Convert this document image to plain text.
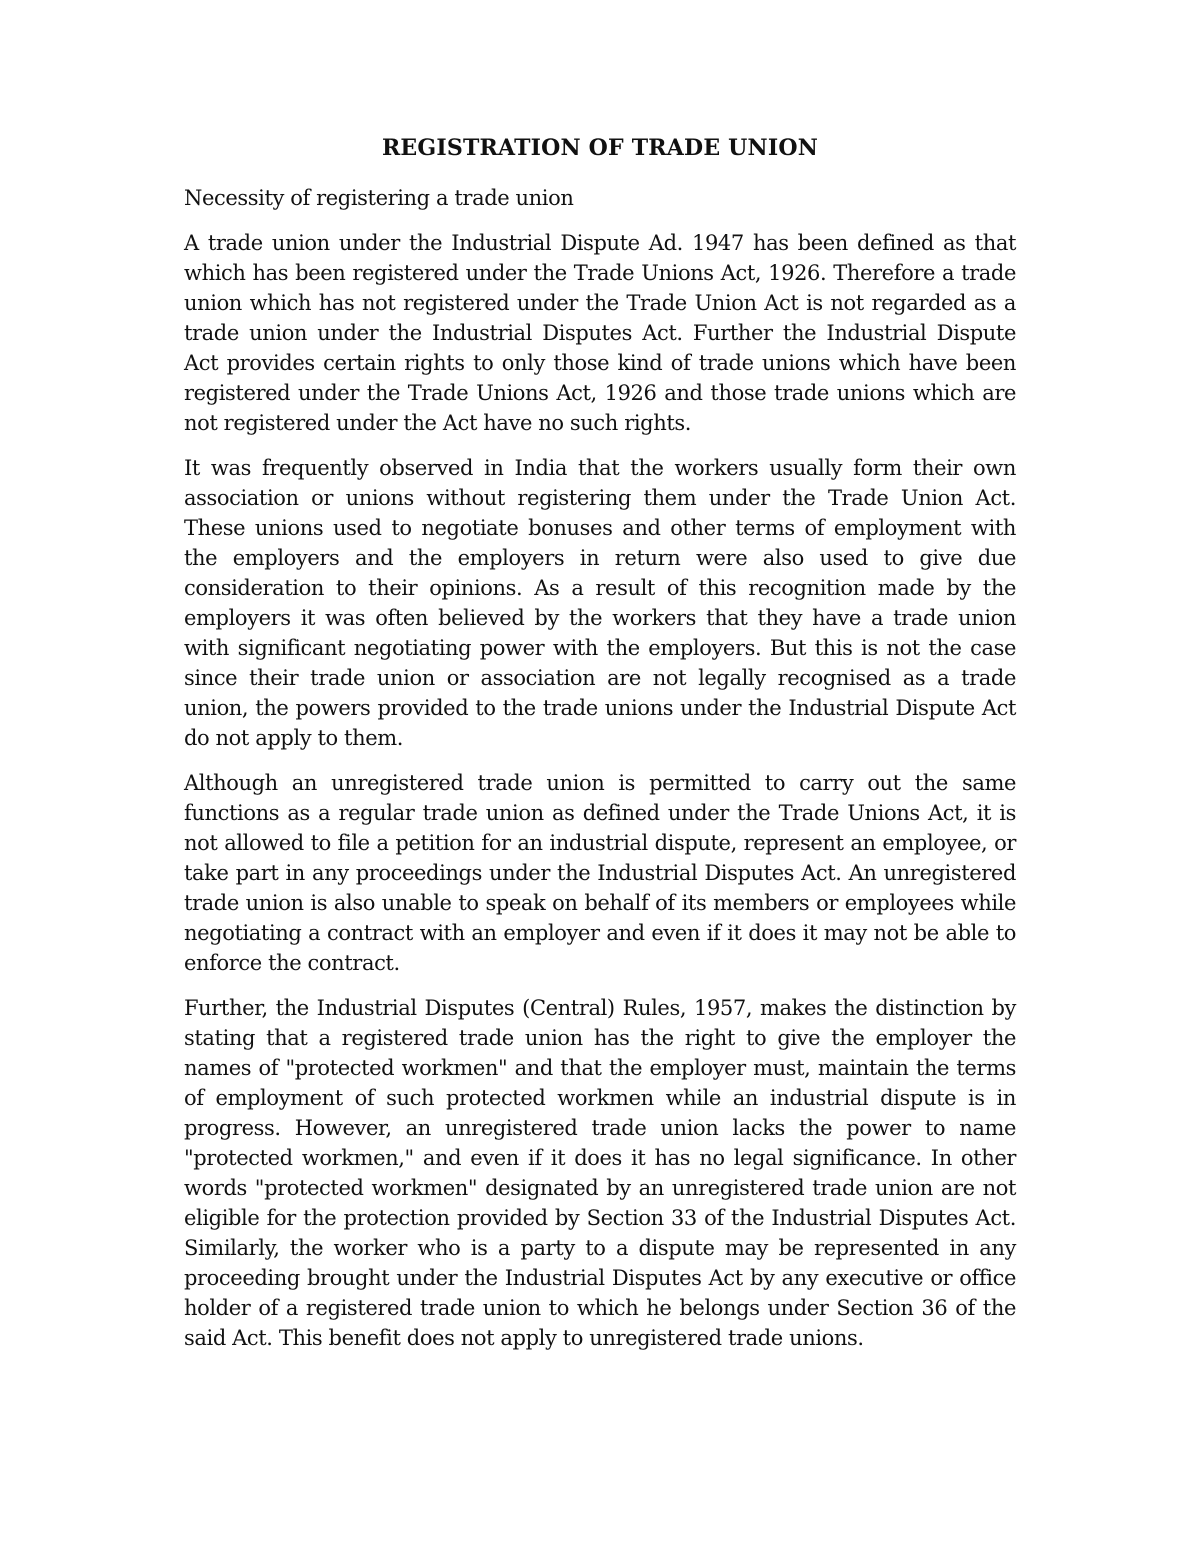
REGISTRATION OF TRADE UNION
Necessity of registering a trade union

A trade union under the Industrial Dispute Ad. 1947 has been defined as that which has been registered under the Trade Unions Act, 1926. Therefore a trade union which has not registered under the Trade Union Act is not regarded as a trade union under the Industrial Disputes Act. Further the Industrial Dispute Act provides certain rights to only those kind of trade unions which have been registered under the Trade Unions Act, 1926 and those trade unions which are not registered under the Act have no such rights.

It was frequently observed in India that the workers usually form their own association or unions without registering them under the Trade Union Act. These unions used to negotiate bonuses and other terms of employment with the employers and the employers in return were also used to give due consideration to their opinions. As a result of this recognition made by the employers it was often believed by the workers that they have a trade union with significant negotiating power with the employers. But this is not the case since their trade union or association are not legally recognised as a trade union, the powers provided to the trade unions under the Industrial Dispute Act do not apply to them.

Although an unregistered trade union is permitted to carry out the same functions as a regular trade union as defined under the Trade Unions Act, it is not allowed to file a petition for an industrial dispute, represent an employee, or take part in any proceedings under the Industrial Disputes Act. An unregistered trade union is also unable to speak on behalf of its members or employees while negotiating a contract with an employer and even if it does it may not be able to enforce the contract.

Further, the Industrial Disputes (Central) Rules, 1957, makes the distinction by stating that a registered trade union has the right to give the employer the names of "protected workmen" and that the employer must, maintain the terms of employment of such protected workmen while an industrial dispute is in progress. However, an unregistered trade union lacks the power to name "protected workmen," and even if it does it has no legal significance. In other words "protected workmen" designated by an unregistered trade union are not eligible for the protection provided by Section 33 of the Industrial Disputes Act. Similarly, the worker who is a party to a dispute may be represented in any proceeding brought under the Industrial Disputes Act by any executive or office holder of a registered trade union to which he belongs under Section 36 of the said Act. This benefit does not apply to unregistered trade unions.
